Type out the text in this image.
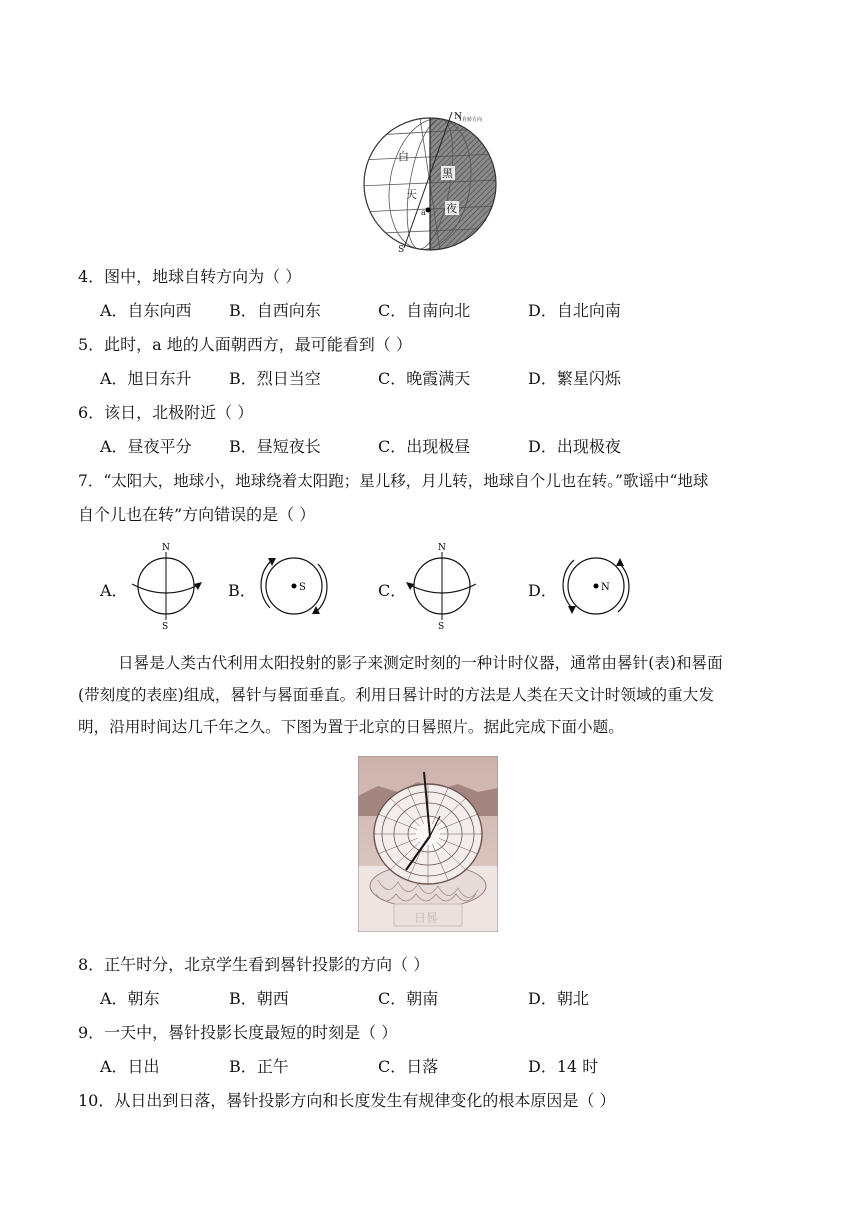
白
天
黑
夜
a
N
S
自转方向
4．图中，地球自转方向为（ ）
A．自东向西 B．自西向东	C．自南向北	D．自北向南
5．此时，a 地的人面朝西方，最可能看到（ ）
A．旭日东升 B．烈日当空	C．晚霞满天	D．繁星闪烁
6．该日，北极附近（ ）
A．昼夜平分 B．昼短夜长	C．出现极昼	D．出现极夜
7．“太阳大，地球小，地球绕着太阳跑；星儿移，月儿转，地球自个儿也在转。”歌谣中“地球
自个儿也在转”方向错误的是（ ）
A．
N
S
B．	S	C．
N
S
D．	N
日晷是人类古代利用太阳投射的影子来测定时刻的一种计时仪器，通常由晷针(表)和晷面
(带刻度的表座)组成，晷针与晷面垂直。利用日晷计时的方法是人类在天文计时领域的重大发
明，沿用时间达几千年之久。下图为置于北京的日晷照片。据此完成下面小题。
日晷
8．正午时分，北京学生看到晷针投影的方向（ ）
A．朝东	B．朝西	C．朝南	D．朝北
9．一天中，晷针投影长度最短的时刻是（ ）
A．日出	B．正午	C．日落	D．14 时
10．从日出到日落，晷针投影方向和长度发生有规律变化的根本原因是（ ）
